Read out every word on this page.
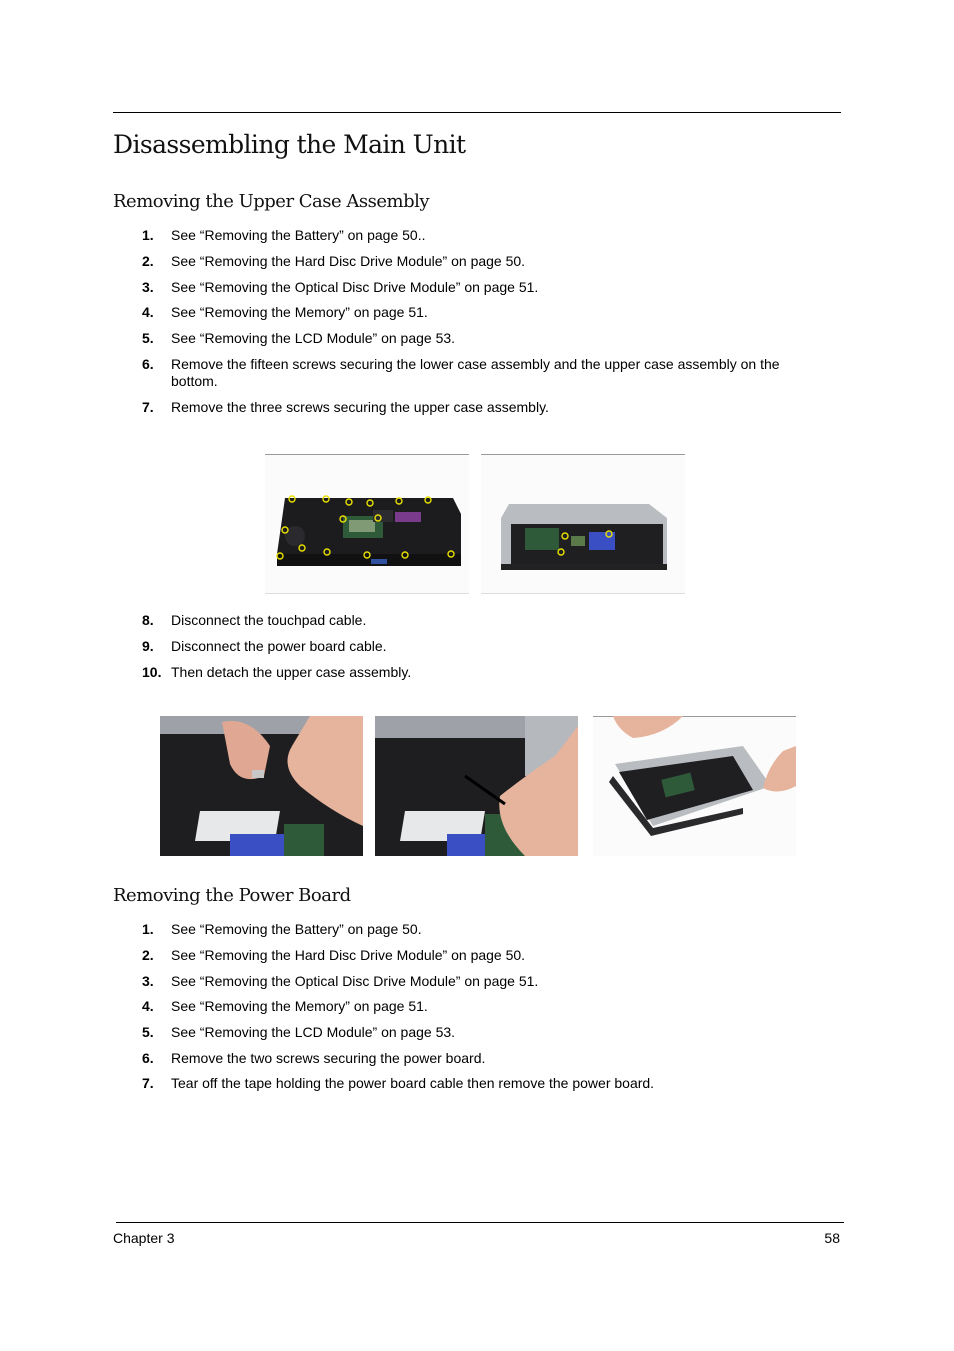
Disassembling the Main Unit
Removing the Upper Case Assembly
1. See “Removing the Battery” on page 50..
2. See “Removing the Hard Disc Drive Module” on page 50.
3. See “Removing the Optical Disc Drive Module” on page 51.
4. See “Removing the Memory” on page 51.
5. See “Removing the LCD Module” on page 53.
6. Remove the fifteen screws securing the lower case assembly and the upper case assembly on the bottom.
7. Remove the three screws securing the upper case assembly.
8. Disconnect the touchpad cable.
9. Disconnect the power board cable.
10. Then detach the upper case assembly.
Removing the Power Board
1. See “Removing the Battery” on page 50.
2. See “Removing the Hard Disc Drive Module” on page 50.
3. See “Removing the Optical Disc Drive Module” on page 51.
4. See “Removing the Memory” on page 51.
5. See “Removing the LCD Module” on page 53.
6. Remove the two screws securing the power board.
7. Tear off the tape holding the power board cable then remove the power board.
Chapter 3	58
